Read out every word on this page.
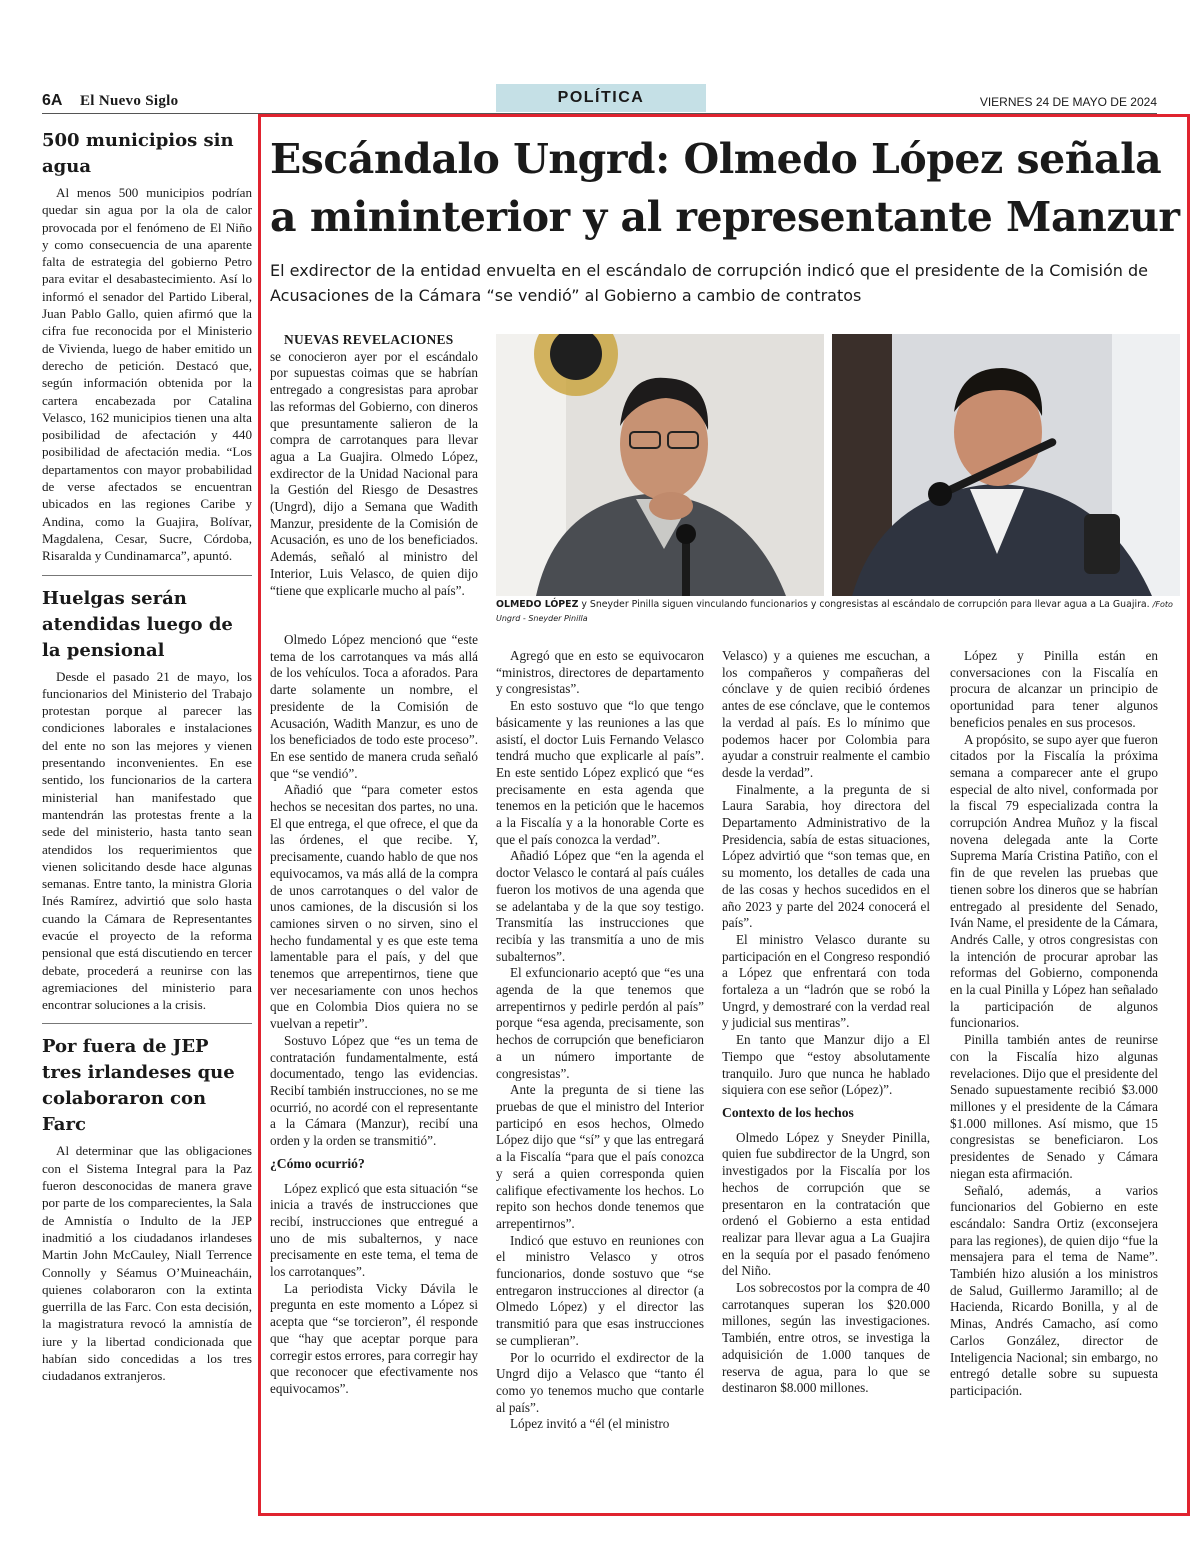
6A El Nuevo Siglo	POLÍTICA	VIERNES 24 DE MAYO DE 2024
500 municipios sin agua

Al menos 500 municipios podrían quedar sin agua por la ola de calor provocada por el fenómeno de El Niño y como consecuencia de una aparente falta de estrategia del gobierno Petro para evitar el desabastecimiento. Así lo informó el senador del Partido Liberal, Juan Pablo Gallo, quien afirmó que la cifra fue reconocida por el Ministerio de Vivienda, luego de haber emitido un derecho de petición. Destacó que, según información obtenida por la cartera encabezada por Catalina Velasco, 162 municipios tienen una alta posibilidad de afectación y 440 posibilidad de afectación media. “Los departamentos con mayor probabilidad de verse afectados se encuentran ubicados en las regiones Caribe y Andina, como la Guajira, Bolívar, Magdalena, Cesar, Sucre, Córdoba, Risaralda y Cundinamarca”, apuntó.

Huelgas serán atendidas luego de la pensional

Desde el pasado 21 de mayo, los funcionarios del Ministerio del Trabajo protestan porque al parecer las condiciones laborales e instalaciones del ente no son las mejores y vienen presentando inconvenientes. En ese sentido, los funcionarios de la cartera ministerial han manifestado que mantendrán las protestas frente a la sede del ministerio, hasta tanto sean atendidos los requerimientos que vienen solicitando desde hace algunas semanas. Entre tanto, la ministra Gloria Inés Ramírez, advirtió que solo hasta cuando la Cámara de Representantes evacúe el proyecto de la reforma pensional que está discutiendo en tercer debate, procederá a reunirse con las agremiaciones del ministerio para encontrar soluciones a la crisis.

Por fuera de JEP tres irlandeses que colaboraron con Farc

Al determinar que las obligaciones con el Sistema Integral para la Paz fueron desconocidas de manera grave por parte de los comparecientes, la Sala de Amnistía o Indulto de la JEP inadmitió a los ciudadanos irlandeses Martin John McCauley, Niall Terrence Connolly y Séamus O’Muineacháin, quienes colaboraron con la extinta guerrilla de las Farc. Con esta decisión, la magistratura revocó la amnistía de iure y la libertad condicionada que habían sido concedidas a los tres ciudadanos extranjeros.

Escándalo Ungrd: Olmedo López señala a mininterior y al representante Manzur

El exdirector de la entidad envuelta en el escándalo de corrupción indicó que el presidente de la Comisión de Acusaciones de la Cámara “se vendió” al Gobierno a cambio de contratos

NUEVAS REVELACIONES
se conocieron ayer por el escándalo por supuestas coimas que se habrían entregado a congresistas para aprobar las reformas del Gobierno, con dineros que presuntamente salieron de la compra de carrotanques para llevar agua a La Guajira. Olmedo López, exdirector de la Unidad Nacional para la Gestión del Riesgo de Desastres (Ungrd), dijo a Semana que Wadith Manzur, presidente de la Comisión de Acusación, es uno de los beneficiados. Además, señaló al ministro del Interior, Luis Velasco, de quien dijo “tiene que explicarle mucho al país”.

OLMEDO LÓPEZ y Sneyder Pinilla siguen vinculando funcionarios y congresistas al escándalo de corrupción para llevar agua a La Guajira. /Foto Ungrd - Sneyder Pinilla

Olmedo López mencionó que “este tema de los carrotanques va más allá de los vehículos. Toca a aforados. Para darte solamente un nombre, el presidente de la Comisión de Acusación, Wadith Manzur, es uno de los beneficiados de todo este proceso”. En ese sentido de manera cruda señaló que “se vendió”.

Añadió que “para cometer estos hechos se necesitan dos partes, no una. El que entrega, el que ofrece, el que da las órdenes, el que recibe. Y, precisamente, cuando hablo de que nos equivocamos, va más allá de la compra de unos carrotanques o del valor de unos camiones, de la discusión si los camiones sirven o no sirven, sino el hecho fundamental y es que este tema lamentable para el país, y del que tenemos que arrepentirnos, tiene que ver necesariamente con unos hechos que en Colombia Dios quiera no se vuelvan a repetir”.

Sostuvo López que “es un tema de contratación fundamentalmente, está documentado, tengo las evidencias. Recibí también instrucciones, no se me ocurrió, no acordé con el representante a la Cámara (Manzur), recibí una orden y la orden se transmitió”.

¿Cómo ocurrió?

López explicó que esta situación “se inicia a través de instrucciones que recibí, instrucciones que entregué a uno de mis subalternos, y nace precisamente en este tema, el tema de los carrotanques”.

La periodista Vicky Dávila le pregunta en este momento a López si acepta que “se torcieron”, él responde que “hay que aceptar porque para corregir estos errores, para corregir hay que reconocer que efectivamente nos equivocamos”.

Agregó que en esto se equivocaron “ministros, directores de departamento y congresistas”.

En esto sostuvo que “lo que tengo básicamente y las reuniones a las que asistí, el doctor Luis Fernando Velasco tendrá mucho que explicarle al país”. En este sentido López explicó que “es precisamente en esta agenda que tenemos en la petición que le hacemos a la Fiscalía y a la honorable Corte es que el país conozca la verdad”.

Añadió López que “en la agenda el doctor Velasco le contará al país cuáles fueron los motivos de una agenda que se adelantaba y de la que soy testigo. Transmitía las instrucciones que recibía y las transmitía a uno de mis subalternos”.

El exfuncionario aceptó que “es una agenda de la que tenemos que arrepentirnos y pedirle perdón al país” porque “esa agenda, precisamente, son hechos de corrupción que beneficiaron a un número importante de congresistas”.

Ante la pregunta de si tiene las pruebas de que el ministro del Interior participó en esos hechos, Olmedo López dijo que “sí” y que las entregará a la Fiscalía “para que el país conozca y será a quien corresponda quien califique efectivamente los hechos. Lo repito son hechos donde tenemos que arrepentirnos”.

Indicó que estuvo en reuniones con el ministro Velasco y otros funcionarios, donde sostuvo que “se entregaron instrucciones al director (a Olmedo López) y el director las transmitió para que esas instrucciones se cumplieran”.

Por lo ocurrido el exdirector de la Ungrd dijo a Velasco que “tanto él como yo tenemos mucho que contarle al país”.

López invitó a “él (el ministro

Velasco) y a quienes me escuchan, a los compañeros y compañeras del cónclave y de quien recibió órdenes antes de ese cónclave, que le contemos la verdad al país. Es lo mínimo que podemos hacer por Colombia para ayudar a construir realmente el cambio desde la verdad”.

Finalmente, a la pregunta de si Laura Sarabia, hoy directora del Departamento Administrativo de la Presidencia, sabía de estas situaciones, López advirtió que “son temas que, en su momento, los detalles de cada una de las cosas y hechos sucedidos en el año 2023 y parte del 2024 conocerá el país”.

El ministro Velasco durante su participación en el Congreso respondió a López que enfrentará con toda fortaleza a un “ladrón que se robó la Ungrd, y demostraré con la verdad real y judicial sus mentiras”.

En tanto que Manzur dijo a El Tiempo que “estoy absolutamente tranquilo. Juro que nunca he hablado siquiera con ese señor (López)”.

Contexto de los hechos

Olmedo López y Sneyder Pinilla, quien fue subdirector de la Ungrd, son investigados por la Fiscalía por los hechos de corrupción que se presentaron en la contratación que ordenó el Gobierno a esta entidad realizar para llevar agua a La Guajira en la sequía por el pasado fenómeno del Niño.

Los sobrecostos por la compra de 40 carrotanques superan los $20.000 millones, según las investigaciones. También, entre otros, se investiga la adquisición de 1.000 tanques de reserva de agua, para lo que se destinaron $8.000 millones.

López y Pinilla están en conversaciones con la Fiscalía en procura de alcanzar un principio de oportunidad para tener algunos beneficios penales en sus procesos.

A propósito, se supo ayer que fueron citados por la Fiscalía la próxima semana a comparecer ante el grupo especial de alto nivel, conformada por la fiscal 79 especializada contra la corrupción Andrea Muñoz y la fiscal novena delegada ante la Corte Suprema María Cristina Patiño, con el fin de que revelen las pruebas que tienen sobre los dineros que se habrían entregado al presidente del Senado, Iván Name, el presidente de la Cámara, Andrés Calle, y otros congresistas con la intención de procurar aprobar las reformas del Gobierno, componenda en la cual Pinilla y López han señalado la participación de algunos funcionarios.

Pinilla también antes de reunirse con la Fiscalía hizo algunas revelaciones. Dijo que el presidente del Senado supuestamente recibió $3.000 millones y el presidente de la Cámara $1.000 millones. Así mismo, que 15 congresistas se beneficiaron. Los presidentes de Senado y Cámara niegan esta afirmación.

Señaló, además, a varios funcionarios del Gobierno en este escándalo: Sandra Ortiz (exconsejera para las regiones), de quien dijo “fue la mensajera para el tema de Name”. También hizo alusión a los ministros de Salud, Guillermo Jaramillo; al de Hacienda, Ricardo Bonilla, y al de Minas, Andrés Camacho, así como Carlos González, director de Inteligencia Nacional; sin embargo, no entregó detalle sobre su supuesta participación.
